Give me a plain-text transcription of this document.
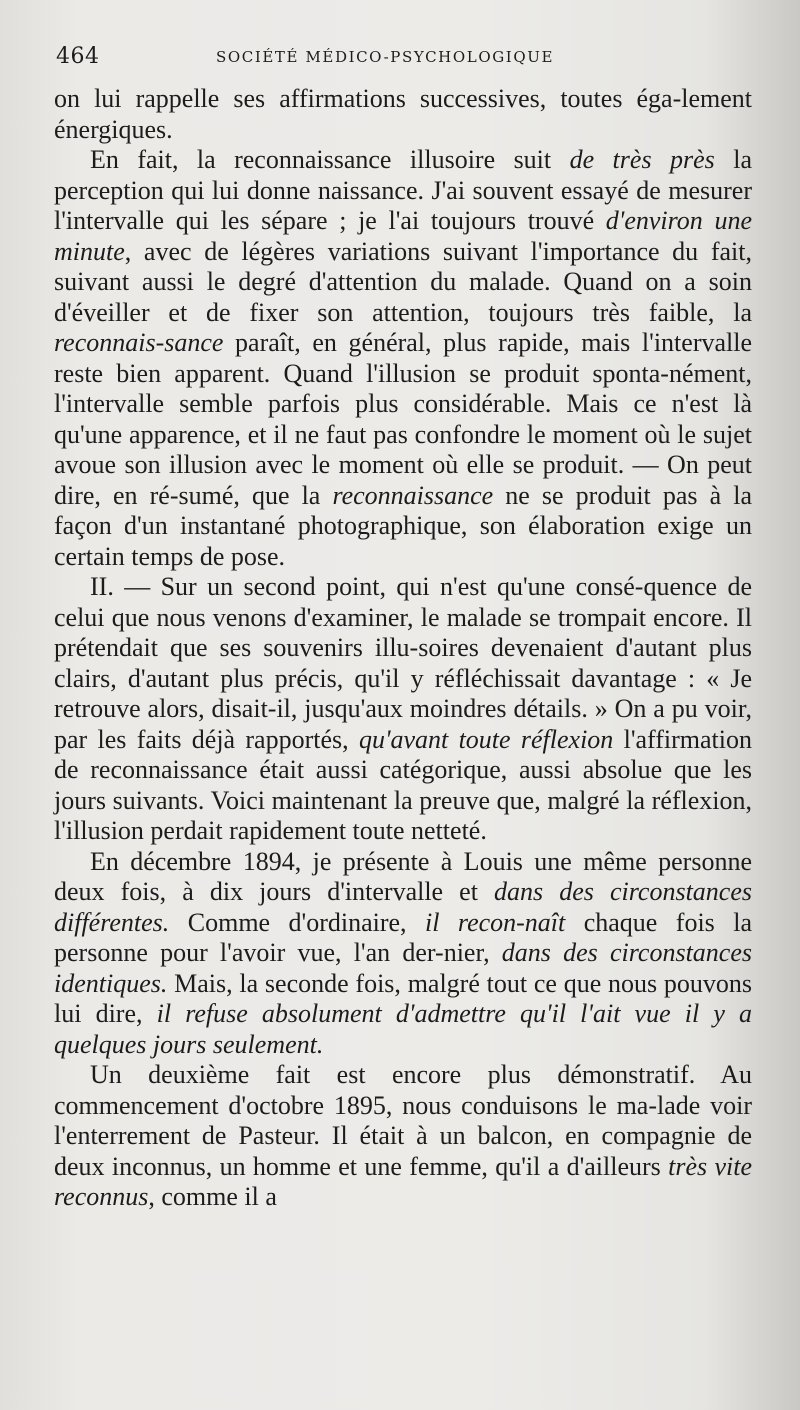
464	SOCIÉTÉ MÉDICO-PSYCHOLOGIQUE

on lui rappelle ses affirmations successives, toutes éga-lement énergiques.

En fait, la reconnaissance illusoire suit de très près la perception qui lui donne naissance. J'ai souvent essayé de mesurer l'intervalle qui les sépare ; je l'ai toujours trouvé d'environ une minute, avec de légères variations suivant l'importance du fait, suivant aussi le degré d'attention du malade. Quand on a soin d'éveiller et de fixer son attention, toujours très faible, la reconnais-sance paraît, en général, plus rapide, mais l'intervalle reste bien apparent. Quand l'illusion se produit sponta-nément, l'intervalle semble parfois plus considérable. Mais ce n'est là qu'une apparence, et il ne faut pas confondre le moment où le sujet avoue son illusion avec le moment où elle se produit. — On peut dire, en ré-sumé, que la reconnaissance ne se produit pas à la façon d'un instantané photographique, son élaboration exige un certain temps de pose.

II. — Sur un second point, qui n'est qu'une consé-quence de celui que nous venons d'examiner, le malade se trompait encore. Il prétendait que ses souvenirs illu-soires devenaient d'autant plus clairs, d'autant plus précis, qu'il y réfléchissait davantage : « Je retrouve alors, disait-il, jusqu'aux moindres détails. » On a pu voir, par les faits déjà rapportés, qu'avant toute réflexion l'affirmation de reconnaissance était aussi catégorique, aussi absolue que les jours suivants. Voici maintenant la preuve que, malgré la réflexion, l'illusion perdait rapidement toute netteté.

En décembre 1894, je présente à Louis une même personne deux fois, à dix jours d'intervalle et dans des circonstances différentes. Comme d'ordinaire, il recon-naît chaque fois la personne pour l'avoir vue, l'an der-nier, dans des circonstances identiques. Mais, la seconde fois, malgré tout ce que nous pouvons lui dire, il refuse absolument d'admettre qu'il l'ait vue il y a quelques jours seulement.

Un deuxième fait est encore plus démonstratif. Au commencement d'octobre 1895, nous conduisons le ma-lade voir l'enterrement de Pasteur. Il était à un balcon, en compagnie de deux inconnus, un homme et une femme, qu'il a d'ailleurs très vite reconnus, comme il a
